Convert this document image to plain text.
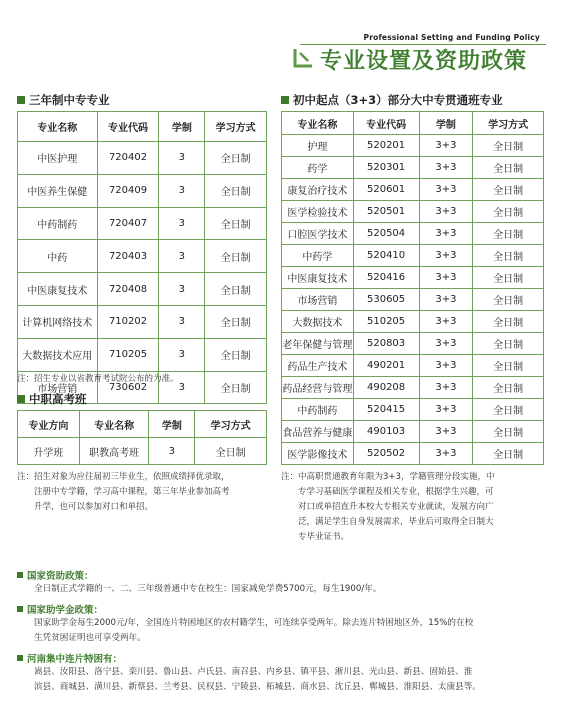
Professional Setting and Funding Policy
专业设置及资助政策
三年制中专专业
专业名称	专业代码	学制	学习方式
中医护理	720402	3	全日制
中医养生保健	720409	3	全日制
中药制药	720407	3	全日制
中药	720403	3	全日制
中医康复技术	720408	3	全日制
计算机网络技术	710202	3	全日制
大数据技术应用	710205	3	全日制
市场营销	730602	3	全日制
注：招生专业以省教育考试院公布的为准。
中职高考班
专业方向	专业名称	学制	学习方式
升学班	职教高考班	3	全日制
注：招生对象为应往届初三毕业生，依照成绩择优录取，
注册中专学籍，学习高中课程，第三年毕业参加高考
升学，也可以参加对口和单招。
初中起点（3+3）部分大中专贯通班专业
专业名称	专业代码	学制	学习方式
护理	520201	3+3	全日制
药学	520301	3+3	全日制
康复治疗技术	520601	3+3	全日制
医学检验技术	520501	3+3	全日制
口腔医学技术	520504	3+3	全日制
中药学	520410	3+3	全日制
中医康复技术	520416	3+3	全日制
市场营销	530605	3+3	全日制
大数据技术	510205	3+3	全日制
老年保健与管理	520803	3+3	全日制
药品生产技术	490201	3+3	全日制
药品经营与管理	490208	3+3	全日制
中药制药	520415	3+3	全日制
食品营养与健康	490103	3+3	全日制
医学影像技术	520502	3+3	全日制
注：中高职贯通教育年限为3+3，学籍管理分段实施，中
专学习基础医学课程及相关专业，根据学生兴趣，可
对口或单招直升本校大专相关专业就读，发展方向广
泛，满足学生自身发展需求，毕业后可取得全日制大
专毕业证书。
国家资助政策：
全日制正式学籍的一、二、三年级普通中专在校生：国家减免学费5700元，每生1900/年。
国家助学金政策：
国家助学金每生2000元/年，全国连片特困地区的农村籍学生，可连续享受两年。除去连片特困地区外，15%的在校
生凭贫困证明也可享受两年。
河南集中连片特困有：
嵩县、汝阳县、洛宁县、栾川县、鲁山县、卢氏县、南召县、内乡县、镇平县、淅川县、光山县、新县、固始县、淮
滨县、商城县、潢川县、新蔡县、兰考县、民权县、宁陵县、柘城县、商水县、沈丘县、郸城县、淮阳县、太康县等。
